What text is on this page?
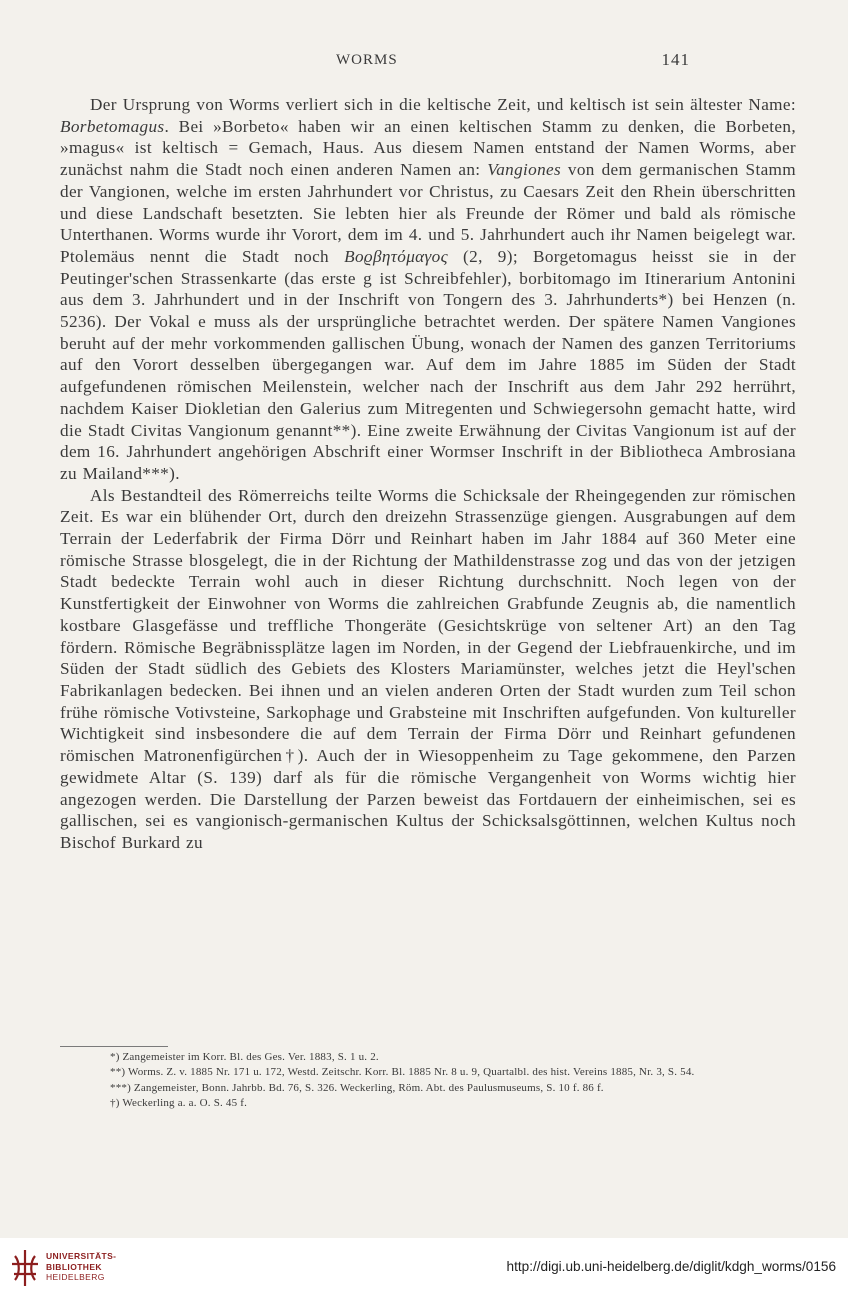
WORMS	141

Der Ursprung von Worms verliert sich in die keltische Zeit, und keltisch ist sein ältester Name: Borbetomagus. Bei »Borbeto« haben wir an einen keltischen Stamm zu denken, die Borbeten, »magus« ist keltisch = Gemach, Haus. Aus diesem Namen entstand der Namen Worms, aber zunächst nahm die Stadt noch einen anderen Namen an: Vangiones von dem germanischen Stamm der Vangionen, welche im ersten Jahrhundert vor Christus, zu Caesars Zeit den Rhein überschritten und diese Landschaft besetzten. Sie lebten hier als Freunde der Römer und bald als römische Unterthanen. Worms wurde ihr Vorort, dem im 4. und 5. Jahrhundert auch ihr Namen beigelegt war. Ptolemäus nennt die Stadt noch Βοϱβητόμαγος (2, 9); Borgetomagus heisst sie in der Peutinger'schen Strassenkarte (das erste g ist Schreibfehler), borbitomago im Itinerarium Antonini aus dem 3. Jahrhundert und in der Inschrift von Tongern des 3. Jahrhunderts*) bei Henzen (n. 5236). Der Vokal e muss als der ursprüngliche betrachtet werden. Der spätere Namen Vangiones beruht auf der mehr vorkommenden gallischen Übung, wonach der Namen des ganzen Territoriums auf den Vorort desselben übergegangen war. Auf dem im Jahre 1885 im Süden der Stadt aufgefundenen römischen Meilenstein, welcher nach der Inschrift aus dem Jahr 292 herrührt, nachdem Kaiser Diokletian den Galerius zum Mitregenten und Schwiegersohn gemacht hatte, wird die Stadt Civitas Vangionum genannt**). Eine zweite Erwähnung der Civitas Vangionum ist auf der dem 16. Jahrhundert angehörigen Abschrift einer Wormser Inschrift in der Bibliotheca Ambrosiana zu Mailand***).

Als Bestandteil des Römerreichs teilte Worms die Schicksale der Rheingegenden zur römischen Zeit. Es war ein blühender Ort, durch den dreizehn Strassenzüge giengen. Ausgrabungen auf dem Terrain der Lederfabrik der Firma Dörr und Reinhart haben im Jahr 1884 auf 360 Meter eine römische Strasse blosgelegt, die in der Richtung der Mathildenstrasse zog und das von der jetzigen Stadt bedeckte Terrain wohl auch in dieser Richtung durchschnitt. Noch legen von der Kunstfertigkeit der Einwohner von Worms die zahlreichen Grabfunde Zeugnis ab, die namentlich kostbare Glasgefässe und treffliche Thongeräte (Gesichtskrüge von seltener Art) an den Tag fördern. Römische Begräbnissplätze lagen im Norden, in der Gegend der Liebfrauenkirche, und im Süden der Stadt südlich des Gebiets des Klosters Mariamünster, welches jetzt die Heyl'schen Fabrikanlagen bedecken. Bei ihnen und an vielen anderen Orten der Stadt wurden zum Teil schon frühe römische Votivsteine, Sarkophage und Grabsteine mit Inschriften aufgefunden. Von kultureller Wichtigkeit sind insbesondere die auf dem Terrain der Firma Dörr und Reinhart gefundenen römischen Matronenfigürchen†). Auch der in Wiesoppenheim zu Tage gekommene, den Parzen gewidmete Altar (S. 139) darf als für die römische Vergangenheit von Worms wichtig hier angezogen werden. Die Darstellung der Parzen beweist das Fortdauern der einheimischen, sei es gallischen, sei es vangionisch-germanischen Kultus der Schicksalsgöttinnen, welchen Kultus noch Bischof Burkard zu

*) Zangemeister im Korr. Bl. des Ges. Ver. 1883, S. 1 u. 2.

**) Worms. Z. v. 1885 Nr. 171 u. 172, Westd. Zeitschr. Korr. Bl. 1885 Nr. 8 u. 9, Quartalbl. des hist. Vereins 1885, Nr. 3, S. 54.

***) Zangemeister, Bonn. Jahrbb. Bd. 76, S. 326. Weckerling, Röm. Abt. des Paulusmuseums, S. 10 f. 86 f.

†) Weckerling a. a. O. S. 45 f.

UNIVERSITÄTS-
BIBLIOTHEK
HEIDELBERG
http://digi.ub.uni-heidelberg.de/diglit/kdgh_worms/0156
